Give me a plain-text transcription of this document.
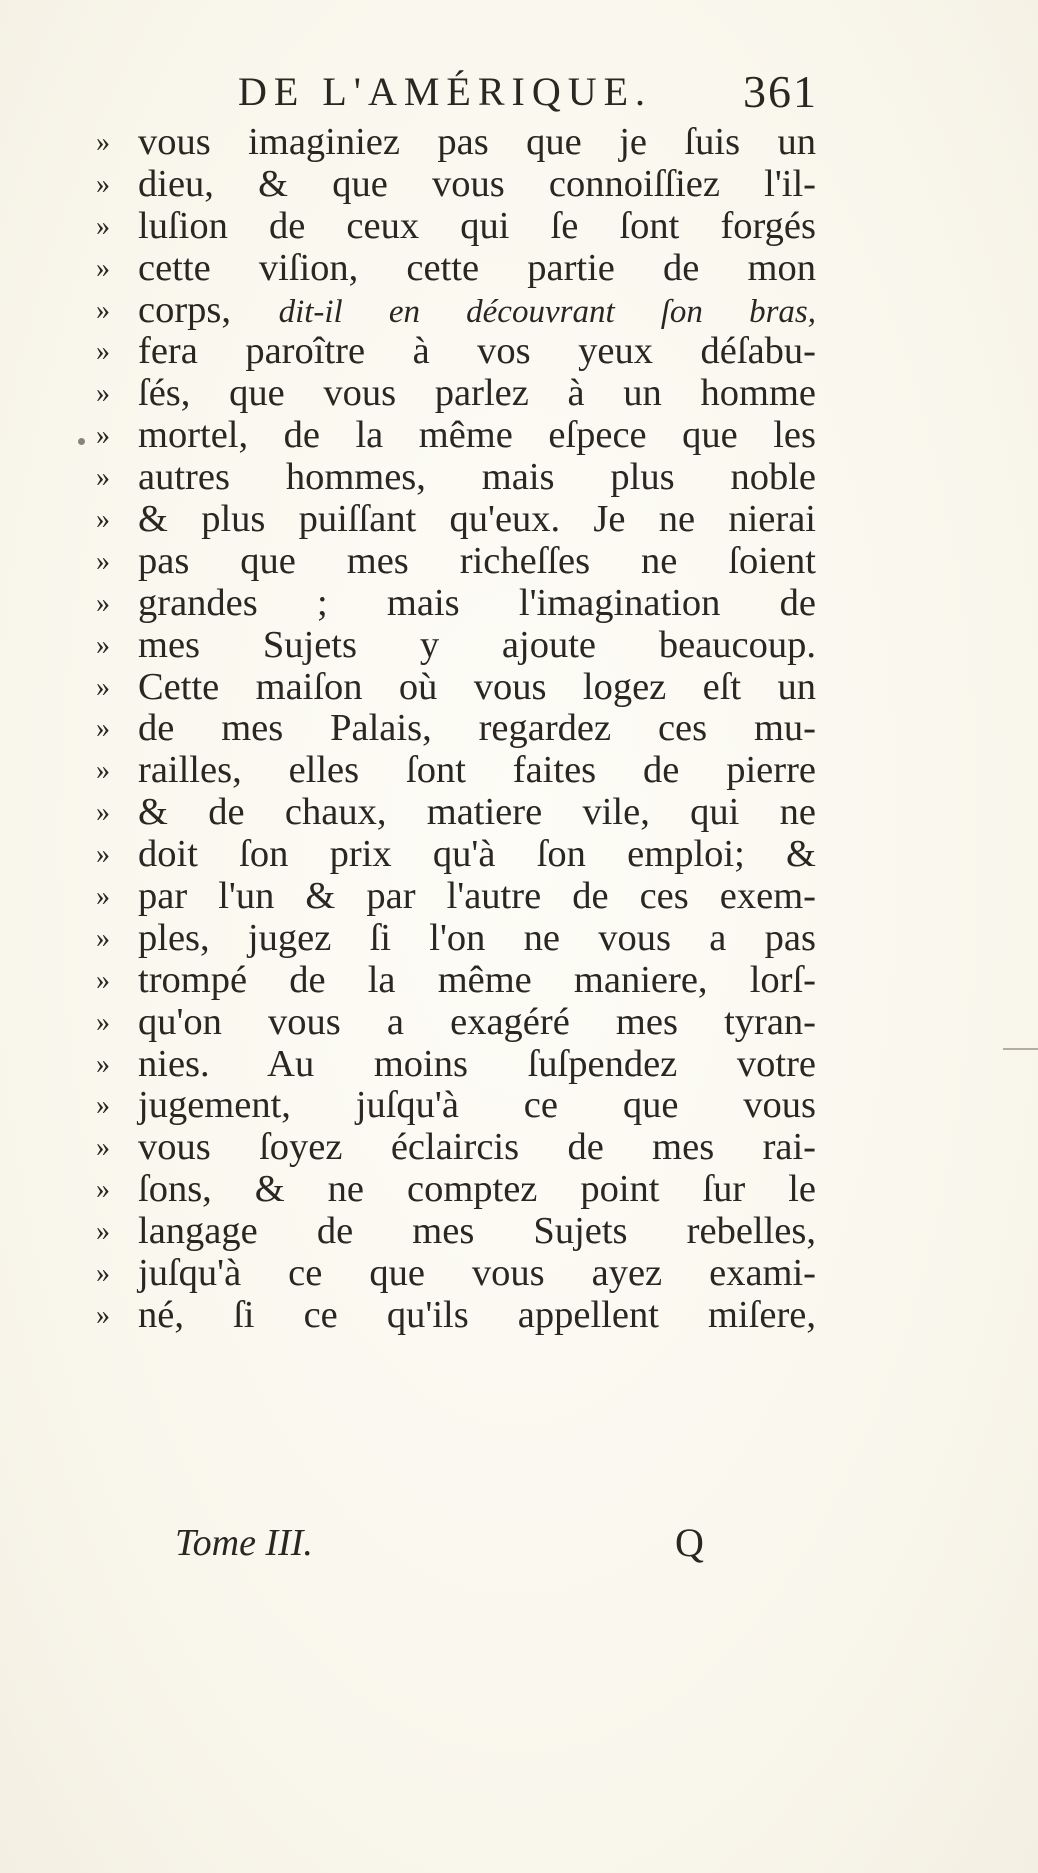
DE L'AMÉRIQUE. 361
» vous imaginiez pas que je ſuis un
» dieu, & que vous connoiſſiez l'il-
» luſion de ceux qui ſe ſont forgés
» cette viſion, cette partie de mon
» corps, dit-il en découvrant ſon bras,
» fera paroître à vos yeux déſabu-
» ſés, que vous parlez à un homme
» mortel, de la même eſpece que les
» autres hommes, mais plus noble
» & plus puiſſant qu'eux. Je ne nierai
» pas que mes richeſſes ne ſoient
» grandes ; mais l'imagination de
» mes Sujets y ajoute beaucoup.
» Cette maiſon où vous logez eſt un
» de mes Palais, regardez ces mu-
» railles, elles ſont faites de pierre
» & de chaux, matiere vile, qui ne
» doit ſon prix qu'à ſon emploi; &
» par l'un & par l'autre de ces exem-
» ples, jugez ſi l'on ne vous a pas
» trompé de la même maniere, lorſ-
» qu'on vous a exagéré mes tyran-
» nies. Au moins ſuſpendez votre
» jugement, juſqu'à ce que vous
» vous ſoyez éclaircis de mes rai-
» ſons, & ne comptez point ſur le
» langage de mes Sujets rebelles,
» juſqu'à ce que vous ayez exami-
» né, ſi ce qu'ils appellent miſere,
Tome III.	Q
